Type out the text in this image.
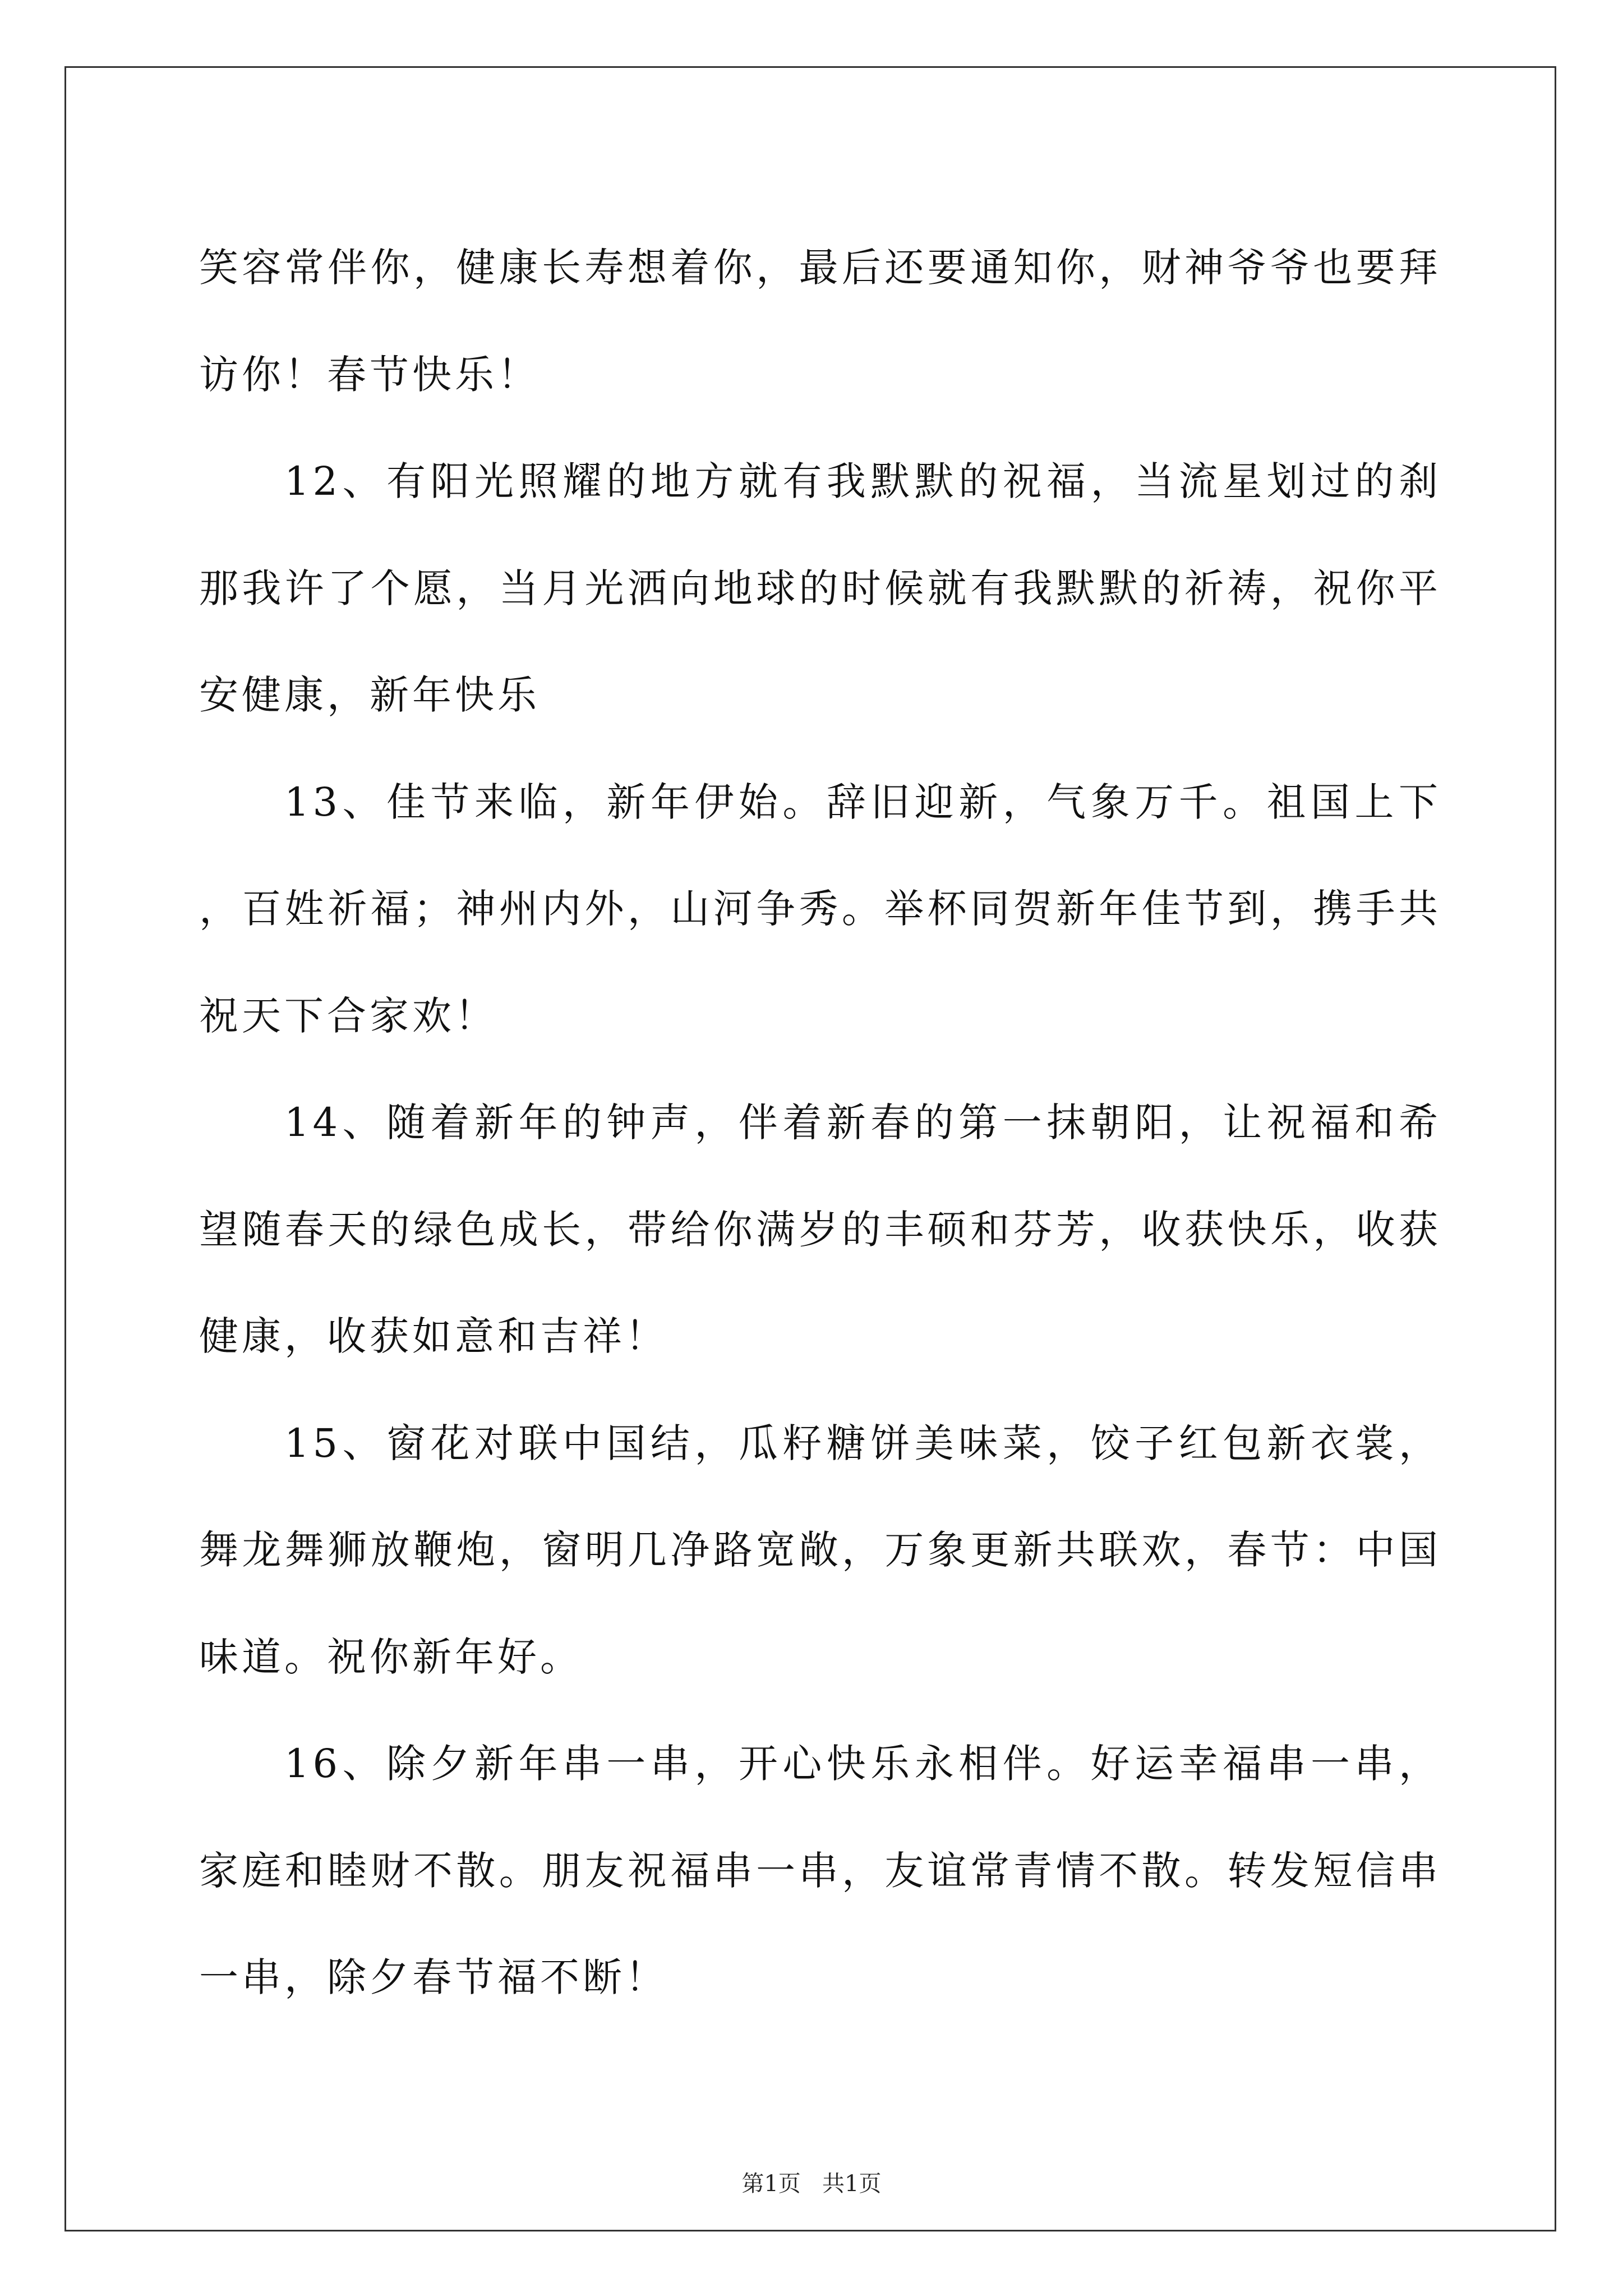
笑容常伴你，健康长寿想着你，最后还要通知你，财神爷爷也要拜访你！春节快乐！

12、有阳光照耀的地方就有我默默的祝福，当流星划过的刹那我许了个愿，当月光洒向地球的时候就有我默默的祈祷，祝你平安健康，新年快乐

13、佳节来临，新年伊始。辞旧迎新，气象万千。祖国上下，百姓祈福；神州内外，山河争秀。举杯同贺新年佳节到，携手共祝天下合家欢！

14、随着新年的钟声，伴着新春的第一抹朝阳，让祝福和希望随春天的绿色成长，带给你满岁的丰硕和芬芳，收获快乐，收获健康，收获如意和吉祥！

15、窗花对联中国结，瓜籽糖饼美味菜，饺子红包新衣裳，舞龙舞狮放鞭炮，窗明几净路宽敞，万象更新共联欢，春节：中国味道。祝你新年好。

16、除夕新年串一串，开心快乐永相伴。好运幸福串一串，家庭和睦财不散。朋友祝福串一串，友谊常青情不散。转发短信串一串，除夕春节福不断！

第1页   共1页
